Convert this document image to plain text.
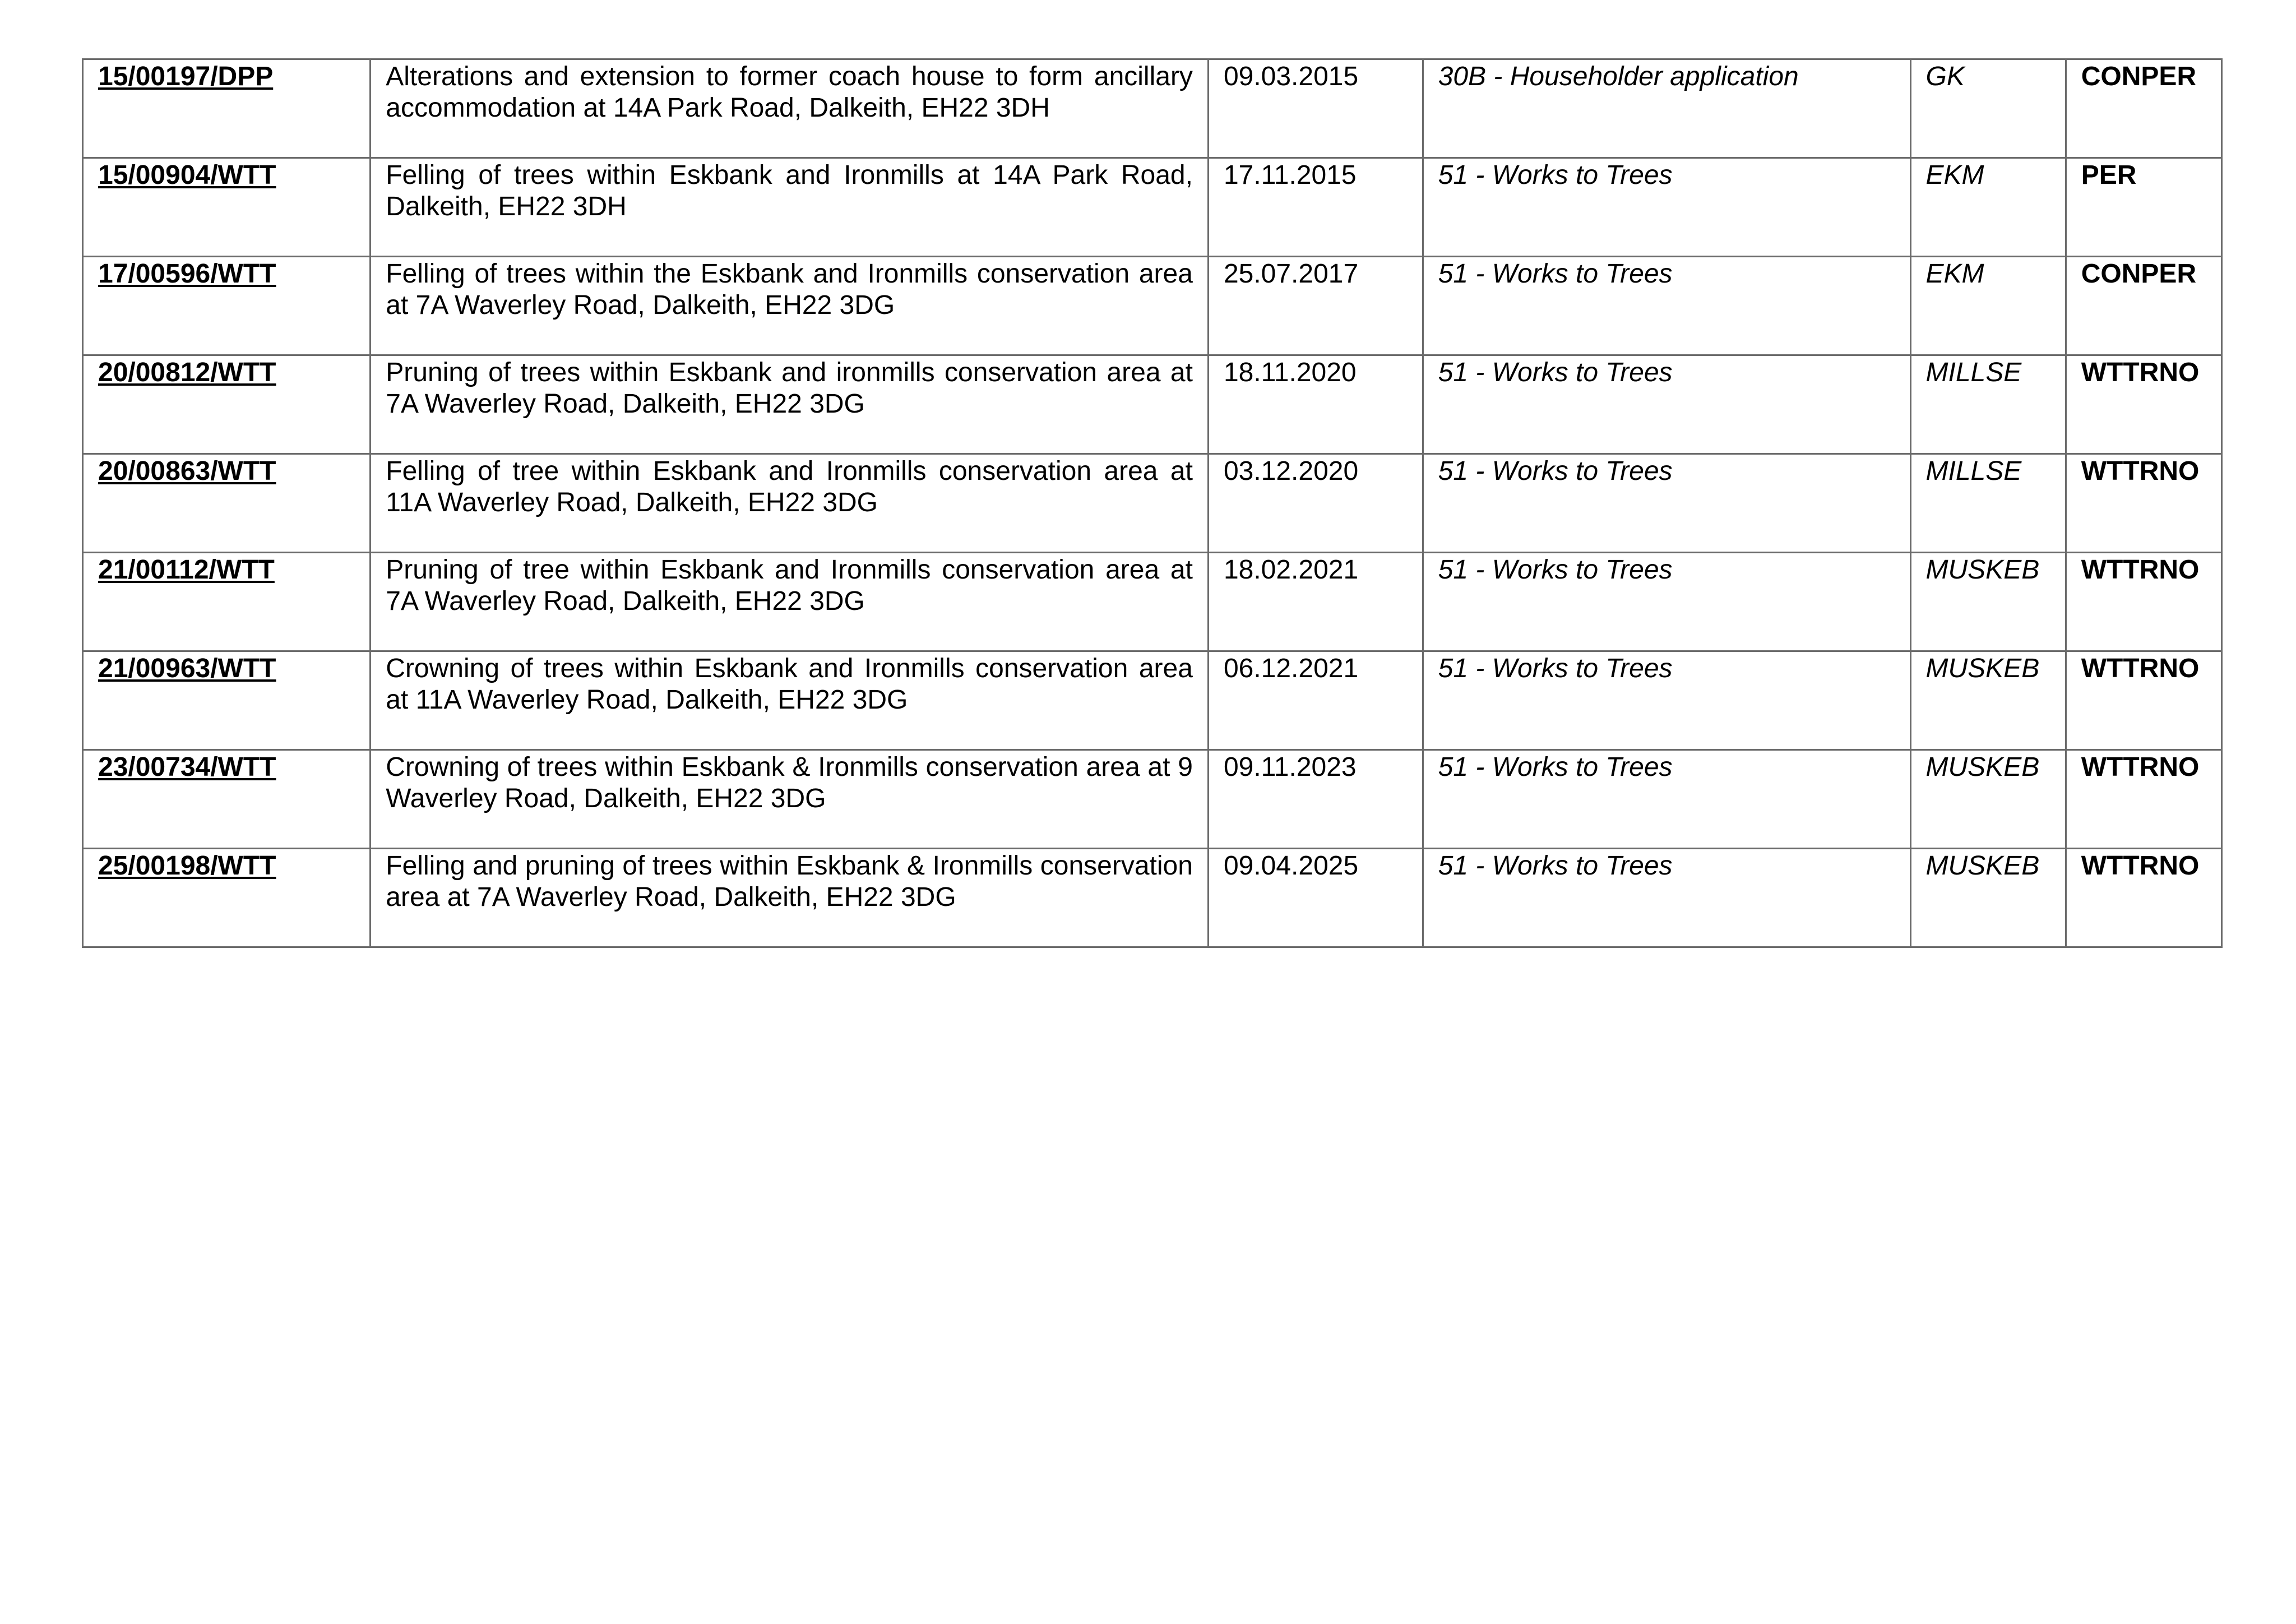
15/00197/DPP	Alterations and extension to former coach house to form ancillary accommodation at 14A Park Road, Dalkeith, EH22 3DH	09.03.2015	30B - Householder application	GK	CONPER

15/00904/WTT	Felling of trees within Eskbank and Ironmills at 14A Park Road, Dalkeith, EH22 3DH	17.11.2015	51 - Works to Trees	EKM	PER

17/00596/WTT	Felling of trees within the Eskbank and Ironmills conservation area at 7A Waverley Road, Dalkeith, EH22 3DG	25.07.2017	51 - Works to Trees	EKM	CONPER

20/00812/WTT	Pruning of trees within Eskbank and ironmills conservation area at 7A Waverley Road, Dalkeith, EH22 3DG	18.11.2020	51 - Works to Trees	MILLSE	WTTRNO

20/00863/WTT	Felling of tree within Eskbank and Ironmills conservation area at 11A Waverley Road, Dalkeith, EH22 3DG	03.12.2020	51 - Works to Trees	MILLSE	WTTRNO

21/00112/WTT	Pruning of tree within Eskbank and Ironmills conservation area at 7A Waverley Road, Dalkeith, EH22 3DG	18.02.2021	51 - Works to Trees	MUSKEB	WTTRNO

21/00963/WTT	Crowning of trees within Eskbank and Ironmills conservation area at 11A Waverley Road, Dalkeith, EH22 3DG	06.12.2021	51 - Works to Trees	MUSKEB	WTTRNO

23/00734/WTT	Crowning of trees within Eskbank & Ironmills conservation area at 9 Waverley Road, Dalkeith, EH22 3DG	09.11.2023	51 - Works to Trees	MUSKEB	WTTRNO

25/00198/WTT	Felling and pruning of trees within Eskbank & Ironmills conservation area at 7A Waverley Road, Dalkeith, EH22 3DG	09.04.2025	51 - Works to Trees	MUSKEB	WTTRNO
